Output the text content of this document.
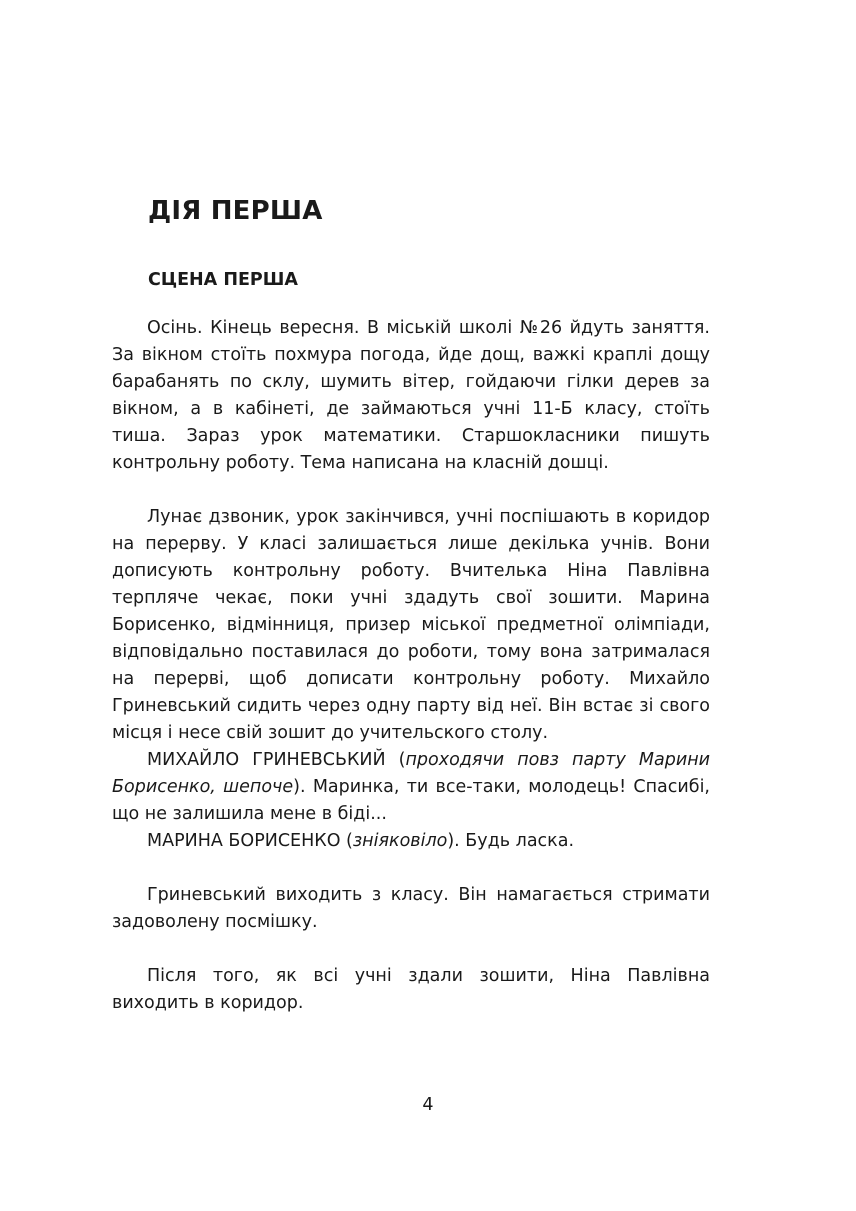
ДІЯ ПЕРША
СЦЕНА ПЕРША

Осінь. Кінець вересня. В міській школі №26 йдуть заняття. За вікном стоїть похмура погода, йде дощ, важкі краплі дощу барабанять по склу, шумить вітер, гойдаючи гілки дерев за вікном, а в кабінеті, де займаються учні 11-Б класу, стоїть тиша. Зараз урок математики. Старшокласники пишуть контрольну роботу. Тема написана на класній дошці.

Лунає дзвоник, урок закінчився, учні поспішають в коридор на перерву. У класі залишається лише декілька учнів. Вони дописують контрольну роботу. Вчителька Ніна Павлівна терпляче чекає, поки учні здадуть свої зошити. Марина Борисенко, відмінниця, призер міської предметної олімпіади, відповідально поставилася до роботи, тому вона затрималася на перерві, щоб дописати контрольну роботу. Михайло Гриневський сидить через одну парту від неї. Він встає зі свого місця і несе свій зошит до учительского столу.

МИХАЙЛО ГРИНЕВСЬКИЙ (проходячи повз парту Марини Борисенко, шепоче). Маринка, ти все-таки, молодець! Спасибі, що не залишила мене в біді...

МАРИНА БОРИСЕНКО (зніяковіло). Будь ласка.

Гриневський виходить з класу. Він намагається стримати задоволену посмішку.

Після того, як всі учні здали зошити, Ніна Павлівна виходить в коридор.

4
